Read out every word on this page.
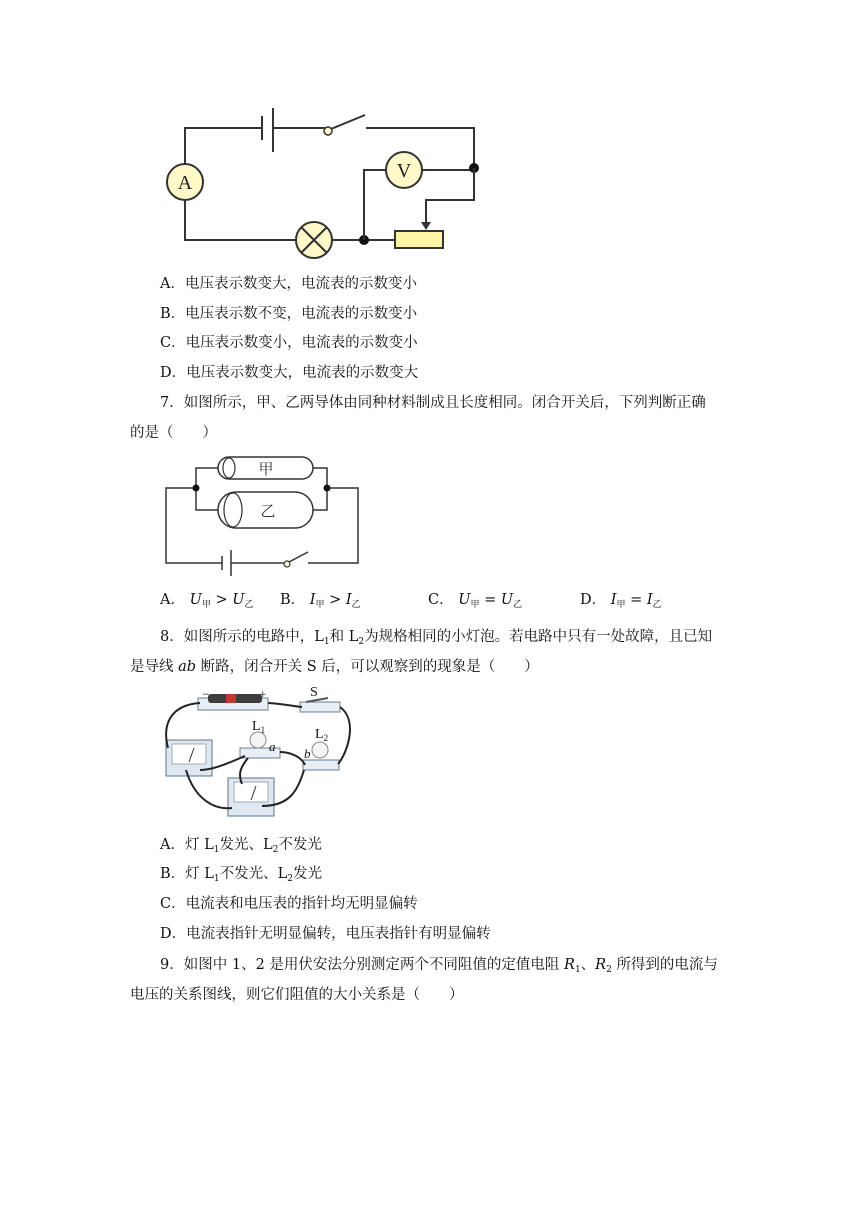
A
V
A．电压表示数变大，电流表的示数变小
B．电压表示数不变，电流表的示数变小
C．电压表示数变小，电流表的示数变小
D．电压表示数变大，电流表的示数变大
7．如图所示，甲、乙两导体由同种材料制成且长度相同。闭合开关后，下列判断正确
的是（　　）
甲
乙
A． $U_甲 > U_乙$ B． $I_甲 > I_乙$	C． $U_甲 = U_乙$	D． $I_甲 = I_乙$
8．如图所示的电路中，$L_1$和 $L_2$为规格相同的小灯泡。若电路中只有一处故障，且已知
是导线 ab 断路，闭合开关 S 后，可以观察到的现象是（　　）
−	+	S
$L_1$
a
$L_2$
b
A．灯 $L_1$发光、$L_2$不发光
B．灯 $L_1$不发光、$L_2$发光
C．电流表和电压表的指针均无明显偏转
D．电流表指针无明显偏转，电压表指针有明显偏转
9．如图中 1、2 是用伏安法分别测定两个不同阻值的定值电阻 $R_1$、$R_2$ 所得到的电流与
电压的关系图线，则它们阻值的大小关系是（　　）
